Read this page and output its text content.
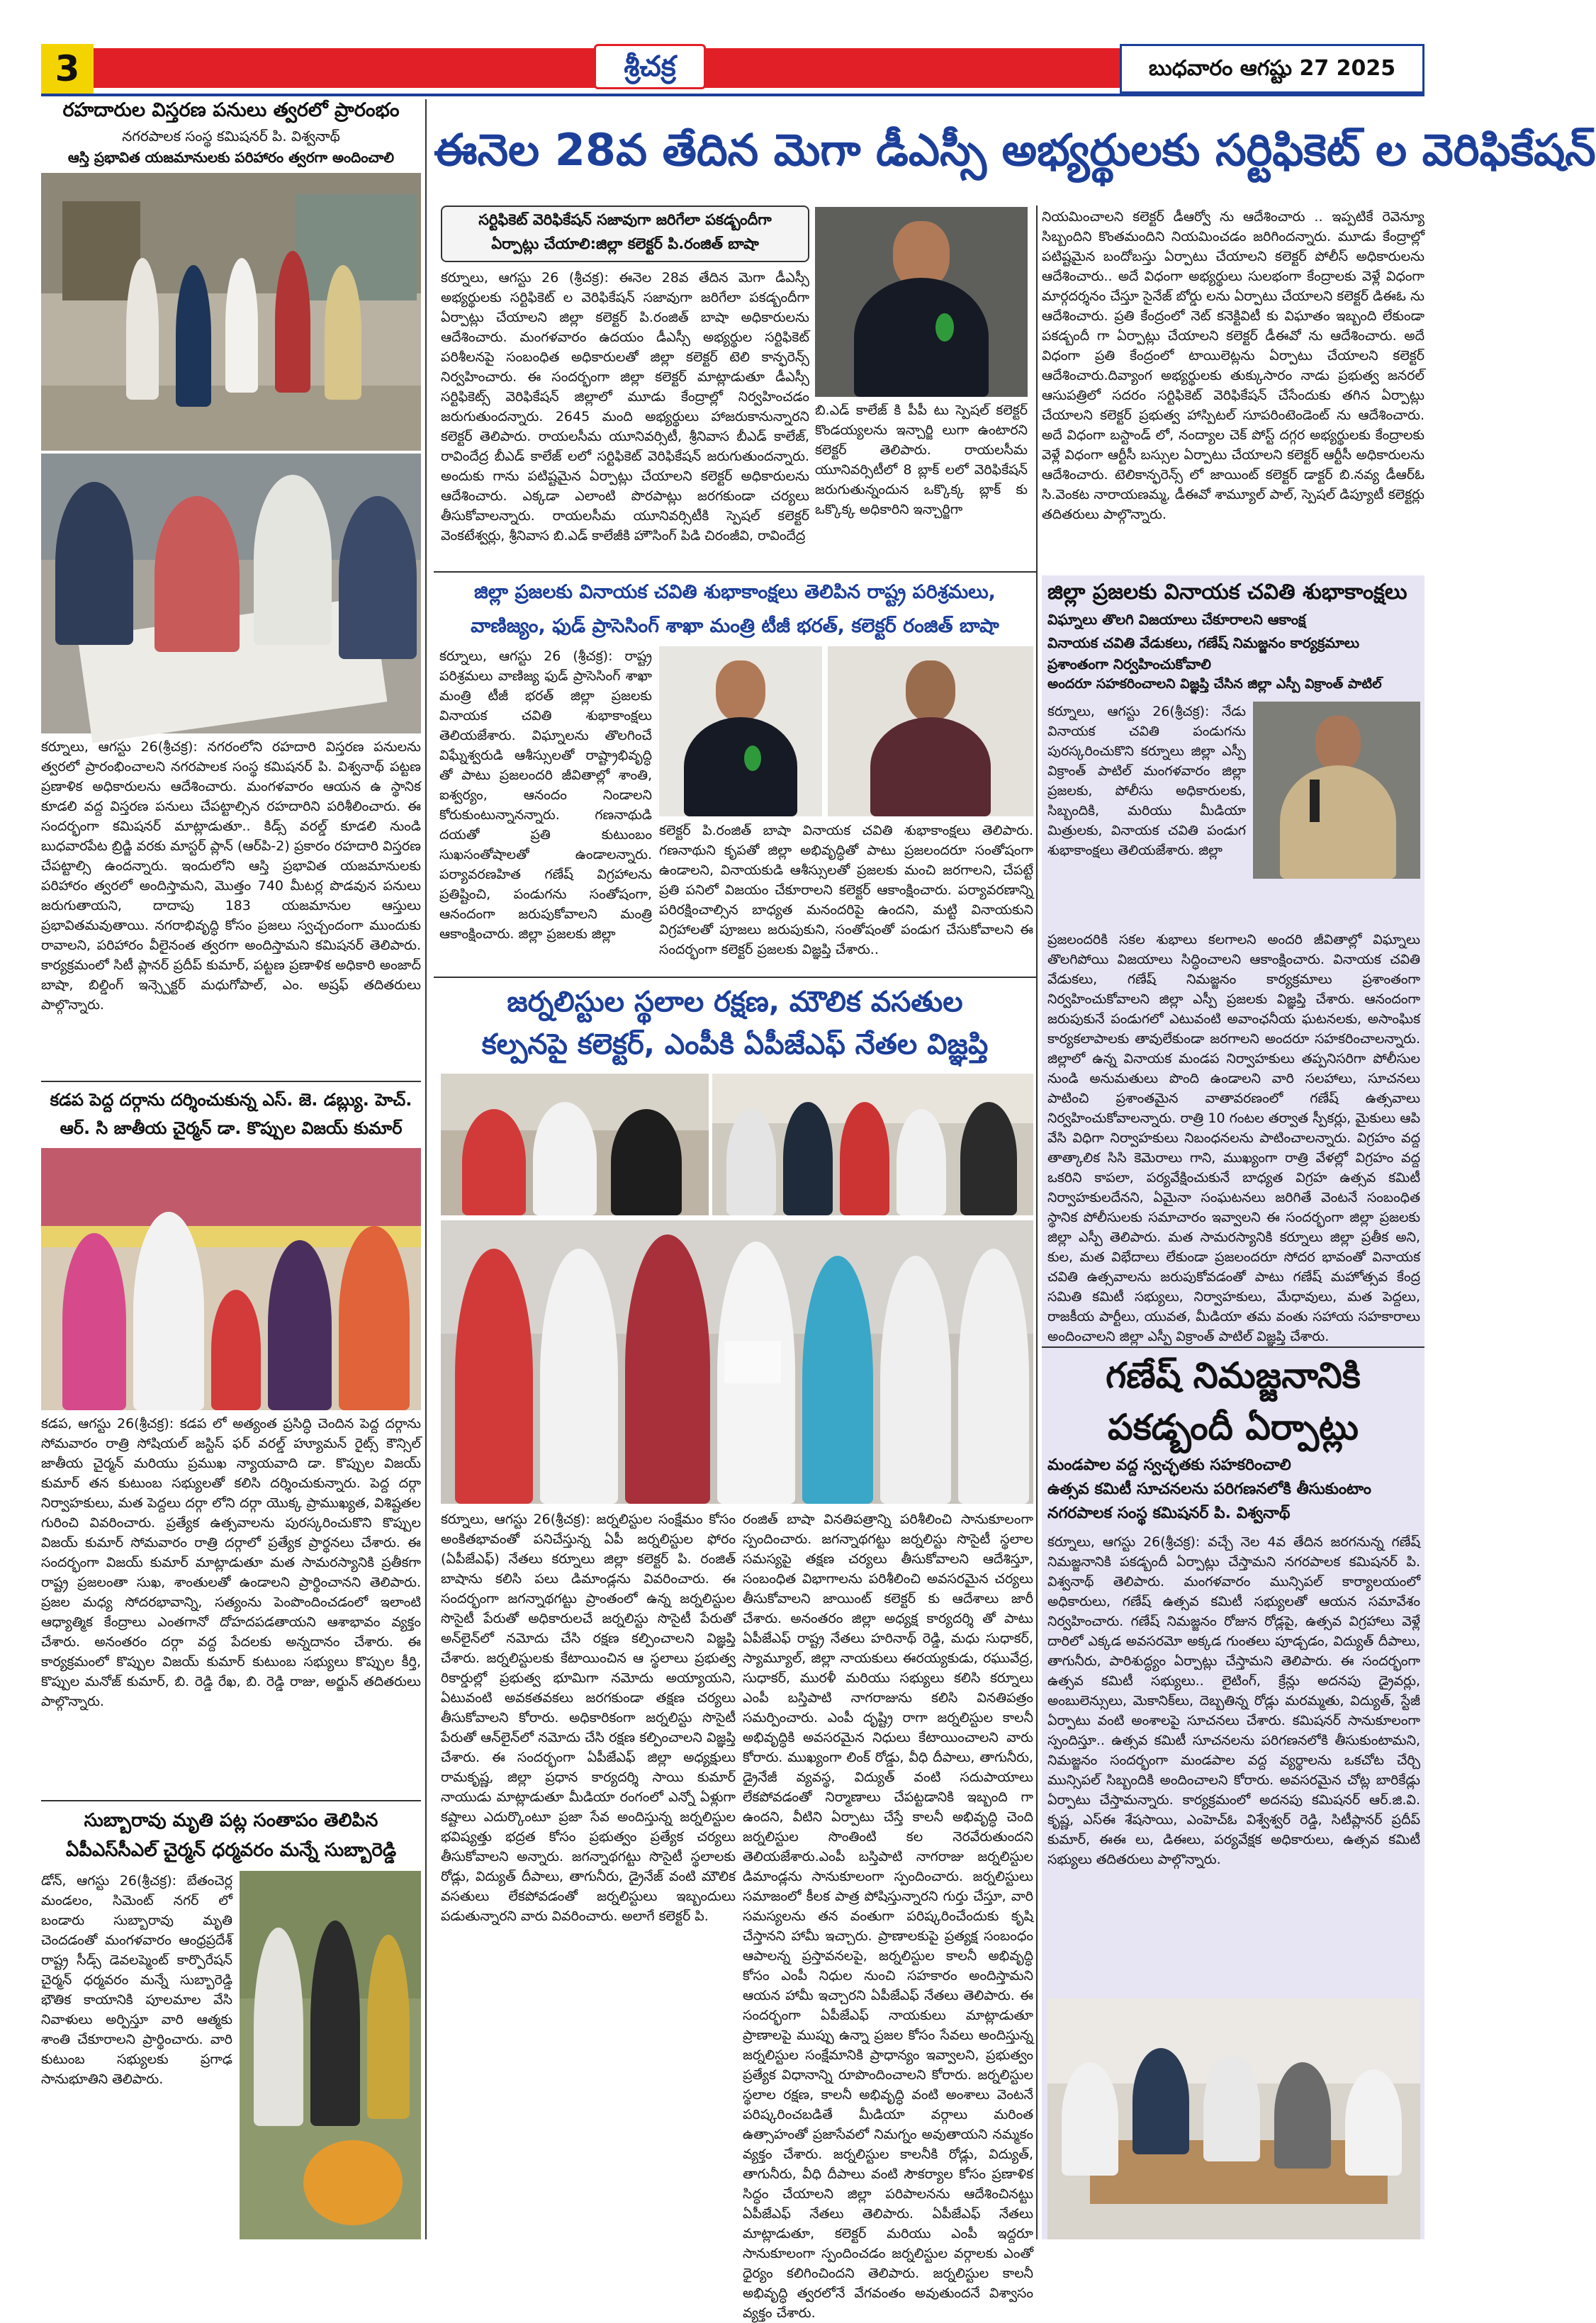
3	శ్రీచక్ర	బుధవారం ఆగష్టు 27 2025
రహదారుల విస్తరణ పనులు త్వరలో ప్రారంభం
నగరపాలక సంస్థ కమిషనర్ పి. విశ్వనాథ్
ఆస్తి ప్రభావిత యజమానులకు పరిహారం త్వరగా అందించాలి
కర్నూలు, ఆగస్టు 26(శ్రీచక్ర): నగరంలోని రహదారి విస్తరణ పనులను త్వరలో ప్రారంభించాలని నగరపాలక సంస్థ కమిషనర్ పి. విశ్వనాథ్ పట్టణ ప్రణాళిక అధికారులను ఆదేశించారు. మంగళవారం ఆయన ఉ స్థానిక కూడలి వద్ద విస్తరణ పనులు చేపట్టాల్సిన రహదారిని పరిశీలించారు. ఈ సందర్భంగా కమిషనర్ మాట్లాడుతూ.. కిడ్స్ వరల్డ్ కూడలి నుండి బుధవారపేట బ్రిడ్జి వరకు మాస్టర్ ప్లాన్ (ఆర్‌పి-2) ప్రకారం రహదారి విస్తరణ చేపట్టాల్సి ఉందన్నారు. ఇందులోని ఆస్తి ప్రభావిత యజమానులకు పరిహారం త్వరలో అందిస్తామని, మొత్తం 740 మీటర్ల పొడవున పనులు జరుగుతాయని, దాదాపు 183 యజమానుల ఆస్తులు ప్రభావితమవుతాయి. నగరాభివృద్ధి కోసం ప్రజలు స్వచ్చందంగా ముందుకు రావాలని, పరిహారం వీలైనంత త్వరగా అందిస్తామని కమిషనర్ తెలిపారు. కార్యక్రమంలో సిటీ ప్లానర్ ప్రదీప్ కుమార్, పట్టణ ప్రణాళిక అధికారి అంజాద్ బాషా, బిల్డింగ్ ఇన్స్పెక్టర్ మధుగోపాల్, ఎం. అష్రఫ్ తదితరులు పాల్గొన్నారు.
కడప పెద్ద దర్గాను దర్శించుకున్న ఎస్. జె. డబ్ల్యు. హెచ్. ఆర్. సి జాతీయ చైర్మన్ డా. కొప్పుల విజయ్ కుమార్
కడప, ఆగస్టు 26(శ్రీచక్ర): కడప లో అత్యంత ప్రసిద్ధి చెందిన పెద్ద దర్గాను సోమవారం రాత్రి సోషియల్ జస్టిస్ ఫర్ వరల్డ్ హ్యూమన్ రైట్స్ కౌన్సిల్ జాతీయ చైర్మన్ మరియు ప్రముఖ న్యాయవాది డా. కొప్పుల విజయ్ కుమార్ తన కుటుంబ సభ్యులతో కలిసి దర్శించుకున్నారు. పెద్ద దర్గా నిర్వాహకులు, మత పెద్దలు దర్గా లోని దర్గా యొక్క ప్రాముఖ్యత, విశిష్టతల గురించి వివరించారు. ప్రత్యేక ఉత్సవాలను పురస్కరించుకొని కొప్పుల విజయ్ కుమార్ సోమవారం రాత్రి దర్గాలో ప్రత్యేక ప్రార్థనలు చేశారు. ఈ సందర్భంగా విజయ్ కుమార్ మాట్లాడుతూ మత సామరస్యానికి ప్రతీకగా రాష్ట్ర ప్రజలంతా సుఖ, శాంతులతో ఉండాలని ప్రార్థించానని తెలిపారు. ప్రజల మధ్య సోదరభావాన్ని, సత్యంను పెంపొందించడంలో ఇలాంటి ఆధ్యాత్మిక కేంద్రాలు ఎంతగానో దోహదపడతాయని ఆశాభావం వ్యక్తం చేశారు. అనంతరం దర్గా వద్ద పేదలకు అన్నదానం చేశారు. ఈ కార్యక్రమంలో కొప్పుల విజయ్ కుమార్ కుటుంబ సభ్యులు కొప్పుల కీర్తి, కొప్పుల మనోజ్ కుమార్, బి. రెడ్డి రేఖ, బి. రెడ్డి రాజు, అర్జున్ తదితరులు పాల్గొన్నారు.
సుబ్బారావు మృతి పట్ల సంతాపం తెలిపిన ఏపీఎస్‌సీఎల్ చైర్మన్ ధర్మవరం మన్నే సుబ్బారెడ్డి
డోన్, ఆగస్టు 26(శ్రీచక్ర): బేతంచెర్ల మండలం, సిమెంట్ నగర్ లో బండారు సుబ్బారావు మృతి చెందడంతో మంగళవారం ఆంధ్రప్రదేశ్ రాష్ట్ర సీడ్స్ డెవలప్మెంట్ కార్పొరేషన్ చైర్మన్ ధర్మవరం మన్నే సుబ్బారెడ్డి భౌతిక కాయానికి పూలమాల వేసి నివాళులు అర్పిస్తూ వారి ఆత్మకు శాంతి చేకూరాలని ప్రార్థించారు. వారి కుటుంబ సభ్యులకు ప్రగాఢ సానుభూతిని తెలిపారు.
ఈనెల 28వ తేదిన మెగా డీఎస్సీ అభ్యర్థులకు సర్టిఫికెట్ ల వెరిఫికేషన్
సర్టిఫికెట్ వెరిఫికేషన్ సజావుగా జరిగేలా పకడ్బందీగా
ఏర్పాట్లు చేయాలి:జిల్లా కలెక్టర్ పి.రంజిత్ బాషా
కర్నూలు, ఆగస్టు 26 (శ్రీచక్ర): ఈనెల 28వ తేదిన మెగా డీఎస్సీ అభ్యర్థులకు సర్టిఫికెట్ ల వెరిఫికేషన్ సజావుగా జరిగేలా పకడ్బందీగా ఏర్పాట్లు చేయాలని జిల్లా కలెక్టర్ పి.రంజిత్ బాషా అధికారులను ఆదేశించారు. మంగళవారం ఉదయం డీఎస్సీ అభ్యర్థుల సర్టిఫికెట్ పరిశీలనపై సంబంధిత అధికారులతో జిల్లా కలెక్టర్ టెలి కాన్ఫరెన్స్ నిర్వహించారు. ఈ సందర్భంగా జిల్లా కలెక్టర్ మాట్లాడుతూ డీఎస్సీ సర్టిఫికెట్స్ వెరిఫికేషన్ జిల్లాలో మూడు కేంద్రాల్లో నిర్వహించడం జరుగుతుందన్నారు. 2645 మంది అభ్యర్థులు హాజరుకానున్నారని కలెక్టర్ తెలిపారు. రాయలసీమ యూనివర్సిటీ, శ్రీనివాస బీఎడ్ కాలేజ్, రావిందేద్ర బీఎడ్ కాలేజ్ లలో సర్టిఫికెట్ వెరిఫికేషన్ జరుగుతుందన్నారు. అందుకు గాను పటిష్టమైన ఏర్పాట్లు చేయాలని కలెక్టర్ అధికారులను ఆదేశించారు. ఎక్కడా ఎలాంటి పొరపాట్లు జరగకుండా చర్యలు తీసుకోవాలన్నారు. రాయలసీమ యూనివర్సిటీకి స్పెషల్ కలెక్టర్ వెంకటేశ్వర్లు, శ్రీనివాస బి.ఎడ్ కాలేజీకి హౌసింగ్ పిడి చిరంజీవి, రావిందేద్ర
బి.ఎడ్ కాలేజ్ కి పీపీ టు స్పెషల్ కలెక్టర్ కొండయ్యలను ఇన్చార్జి లుగా ఉంటారని కలెక్టర్ తెలిపారు. రాయలసీమ యూనివర్సిటీలో 8 బ్లాక్ లలో వెరిఫికేషన్ జరుగుతున్నందున ఒక్కొక్క బ్లాక్ కు ఒక్కొక్క అధికారిని ఇన్చార్జిగా
నియమించాలని కలెక్టర్ డీఆర్వో ను ఆదేశించారు .. ఇప్పటికే రెవెన్యూ సిబ్బందిని కొంతమందిని నియమించడం జరిగిందన్నారు. మూడు కేంద్రాల్లో పటిష్టమైన బందోబస్తు ఏర్పాటు చేయాలని కలెక్టర్ పోలీస్ అధికారులను ఆదేశించారు.. అదే విధంగా అభ్యర్థులు సులభంగా కేంద్రాలకు వెళ్లే విధంగా మార్గదర్శనం చేస్తూ సైనేజ్ బోర్డు లను ఏర్పాటు చేయాలని కలెక్టర్ డిఈఓ ను ఆదేశించారు. ప్రతి కేంద్రంలో నెట్ కనెక్టివిటీ కు విఘాతం ఇబ్బంది లేకుండా పకడ్బందీ గా ఏర్పాట్లు చేయాలని కలెక్టర్ డీఈవో ను ఆదేశించారు. అదే విధంగా ప్రతి కేంద్రంలో టాయిలెట్లను ఏర్పాటు చేయాలని కలెక్టర్ ఆదేశించారు.దివ్యాంగ అభ్యర్థులకు తుక్కుసారం నాడు ప్రభుత్వ జనరల్ ఆసుపత్రిలో సదరం సర్టిఫికెట్ వెరిఫికేషన్ చేసేందుకు తగిన ఏర్పాట్లు చేయాలని కలెక్టర్ ప్రభుత్వ హాస్పిటల్ సూపరింటెండెంట్ ను ఆదేశించారు. అదే విధంగా బస్టాండ్ లో, నంద్యాల చెక్ పోస్ట్ దగ్గర అభ్యర్థులకు కేంద్రాలకు వెళ్లే విధంగా ఆర్టీసీ బస్సుల ఏర్పాటు చేయాలని కలెక్టర్ ఆర్టీసీ అధికారులను ఆదేశించారు. టెలికాన్ఫరెన్స్ లో జాయింట్ కలెక్టర్ డాక్టర్ బి.నవ్య డీఆర్‌ఓ సి.వెంకట నారాయణమ్మ, డీఈవో శామ్యూల్ పాల్, స్పెషల్ డిప్యూటీ కలెక్టర్లు తదితరులు పాల్గొన్నారు.
జిల్లా ప్రజలకు వినాయక చవితి శుభాకాంక్షలు తెలిపిన రాష్ట్ర పరిశ్రమలు, వాణిజ్యం, ఫుడ్ ప్రాసెసింగ్ శాఖా మంత్రి టీజీ భరత్, కలెక్టర్ రంజిత్ బాషా
కర్నూలు, ఆగస్టు 26 (శ్రీచక్ర): రాష్ట్ర పరిశ్రమలు వాణిజ్య ఫుడ్ ప్రాసెసింగ్ శాఖా మంత్రి టీజీ భరత్ జిల్లా ప్రజలకు వినాయక చవితి శుభాకాంక్షలు తెలియజేశారు. విఘ్నాలను తొలగించే విఘ్నేశ్వరుడి ఆశీస్సులతో రాష్ట్రాభివృద్ధి తో పాటు ప్రజలందరి జీవితాల్లో శాంతి, ఐశ్వర్యం, ఆనందం నిండాలని కోరుకుంటున్నానన్నారు. గణనాథుడి దయతో ప్రతి కుటుంబం సుఖసంతోషాలతో ఉండాలన్నారు. పర్యావరణహిత గణేష్ విగ్రహాలను ప్రతిష్టించి, పండుగను సంతోషంగా, ఆనందంగా జరుపుకోవాలని మంత్రి ఆకాంక్షించారు. జిల్లా ప్రజలకు జిల్లా
కలెక్టర్ పి.రంజిత్ బాషా వినాయక చవితి శుభాకాంక్షలు తెలిపారు. గణనాథుని కృపతో జిల్లా అభివృద్ధితో పాటు ప్రజలందరూ సంతోషంగా ఉండాలని, వినాయకుడి ఆశీస్సులతో ప్రజలకు మంచి జరగాలని, చేపట్టే ప్రతి పనిలో విజయం చేకూరాలని కలెక్టర్ ఆకాంక్షించారు. పర్యావరణాన్ని పరిరక్షించాల్సిన బాధ్యత మనందరిపై ఉందని, మట్టి వినాయకుని విగ్రహాలతో పూజలు జరుపుకుని, సంతోషంతో పండుగ చేసుకోవాలని ఈ సందర్భంగా కలెక్టర్ ప్రజలకు విజ్ఞప్తి చేశారు..
జర్నలిస్టుల స్థలాల రక్షణ, మౌలిక వసతుల
కల్పనపై కలెక్టర్, ఎంపీకి ఏపీజేఎఫ్ నేతల విజ్ఞప్తి
కర్నూలు, ఆగస్టు 26(శ్రీచక్ర): జర్నలిస్టుల సంక్షేమం కోసం అంకితభావంతో పనిచేస్తున్న ఏపీ జర్నలిస్టుల ఫోరం (ఏపీజేఎఫ్) నేతలు కర్నూలు జిల్లా కలెక్టర్ పి. రంజిత్ బాషాను కలిసి పలు డిమాండ్లను వివరించారు. ఈ సందర్భంగా జగన్నాథగట్టు ప్రాంతంలో ఉన్న జర్నలిస్టుల సొసైటీ పేరుతో అధికారులచే జర్నలిస్టు సొసైటీ పేరుతో అన్‌లైన్‌లో నమోదు చేసి రక్షణ కల్పించాలని విజ్ఞప్తి చేశారు. జర్నలిస్టులకు కేటాయించిన ఆ స్థలాలు ప్రభుత్వ రికార్డుల్లో ప్రభుత్వ భూమిగా నమోదు అయ్యాయని, ఏటువంటి అవకతవకలు జరగకుండా తక్షణ చర్యలు తీసుకోవాలని కోరారు. అధికారికంగా జర్నలిస్టు సొసైటీ పేరుతో ఆన్‌లైన్‌లో నమోదు చేసి రక్షణ కల్పించాలని విజ్ఞప్తి చేశారు. ఈ సందర్భంగా ఏపీజేఎఫ్ జిల్లా అధ్యక్షులు రామకృష్ణ, జిల్లా ప్రధాన కార్యదర్శి సాయి కుమార్ నాయుడు మాట్లాడుతూ మీడియా రంగంలో ఎన్నో ఏళ్లుగా కష్టాలు ఎదుర్కొంటూ ప్రజా సేవ అందిస్తున్న జర్నలిస్టుల భవిష్యత్తు భద్రత కోసం ప్రభుత్వం ప్రత్యేక చర్యలు తీసుకోవాలని అన్నారు. జగన్నాథగట్టు సొసైటీ స్థలాలకు రోడ్లు, విద్యుత్ దీపాలు, తాగునీరు, డ్రైనేజ్ వంటి మౌలిక వసతులు లేకపోవడంతో జర్నలిస్టులు ఇబ్బందులు పడుతున్నారని వారు వివరించారు. అలాగే కలెక్టర్ పి.
రంజిత్ బాషా వినతిపత్రాన్ని పరిశీలించి సానుకూలంగా స్పందించారు. జగన్నాథగట్టు జర్నలిస్టు సొసైటీ స్థలాల సమస్యపై తక్షణ చర్యలు తీసుకోవాలని ఆదేశిస్తూ, సంబంధిత విభాగాలను పరిశీలించి అవసరమైన చర్యలు తీసుకోవాలని జాయింట్ కలెక్టర్ కు ఆదేశాలు జారీ చేశారు. అనంతరం జిల్లా అధ్యక్ష కార్యదర్శి తో పాటు ఏపీజేఎఫ్ రాష్ట్ర నేతలు హరినాథ్ రెడ్డి, మధు సుధాకర్, స్యామ్యూల్, జిల్లా నాయకులు ఈరయ్యకుడు, రఘువేద్ర, సుధాకర్, మురళీ మరియు సభ్యులు కలిసి కర్నూలు ఎంపీ బస్తిపాటి నాగరాజును కలిసి వినతిపత్రం సమర్పించారు. ఎంపీ దృష్ట్రి రాగా జర్నలిస్టుల కాలనీ అభివృద్ధికి అవసరమైన నిధులు కేటాయించాలని వారు కోరారు. ముఖ్యంగా లింక్ రోడ్డు, వీధి దీపాలు, తాగునీరు, డ్రైనేజీ వ్యవస్థ, విద్యుత్ వంటి సదుపాయాలు లేకపోవడంతో నిర్మాణాలు చేపట్టడానికి ఇబ్బంది గా ఉందని, వీటిని ఏర్పాటు చేస్తే కాలనీ అభివృద్ధి చెంది జర్నలిస్టుల సొంతింటి కల నెరవేరుతుందని తెలియజేశారు.ఎంపీ బస్తిపాటి నాగరాజు జర్నలిస్టుల డిమాండ్లను సానుకూలంగా స్పందించారు. జర్నలిస్టులు సమాజంలో కీలక పాత్ర పోషిస్తున్నారని గుర్తు చేస్తూ, వారి సమస్యలను తన వంతుగా పరిష్కరించేందుకు కృషి చేస్తానని హామీ ఇచ్చారు. ప్రాణాలకుపై ప్రత్యక్ష సంబంధం ఆపాలన్న ప్రస్తావనలపై, జర్నలిస్టుల కాలనీ అభివృద్ధి కోసం ఎంపీ నిధుల నుంచి సహకారం అందిస్తామని ఆయన హామీ ఇచ్చారని ఏపీజేఎఫ్ నేతలు తెలిపారు. ఈ సందర్భంగా ఏపీజేఎఫ్ నాయకులు మాట్లాడుతూ ప్రాణాలపై ముప్పు ఉన్నా ప్రజల కోసం సేవలు అందిస్తున్న జర్నలిస్టుల సంక్షేమానికి ప్రాధాన్యం ఇవ్వాలని, ప్రభుత్వం ప్రత్యేక విధానాన్ని రూపొందించాలని కోరారు. జర్నలిస్టుల స్థలాల రక్షణ, కాలనీ అభివృద్ధి వంటి అంశాలు వెంటనే పరిష్కరించబడితే మీడియా వర్గాలు మరింత ఉత్సాహంతో ప్రజాసేవలో నిమగ్నం అవుతాయని నమ్మకం వ్యక్తం చేశారు. జర్నలిస్టుల కాలనీకి రోడ్లు, విద్యుత్, తాగునీరు, వీధి దీపాలు వంటి సౌకర్యాల కోసం ప్రణాళిక సిద్ధం చేయాలని జిల్లా పరిపాలనను ఆదేశించినట్టు ఏపీజేఎఫ్ నేతలు తెలిపారు. ఏపీజేఎఫ్ నేతలు మాట్లాడుతూ, కలెక్టర్ మరియు ఎంపీ ఇద్దరూ సానుకూలంగా స్పందించడం జర్నలిస్టుల వర్గాలకు ఎంతో ధైర్యం కలిగించిందని తెలిపారు. జర్నలిస్టుల కాలనీ అభివృద్ధి త్వరలోనే వేగవంతం అవుతుందనే విశ్వాసం వ్యక్తం చేశారు.
జిల్లా ప్రజలకు వినాయక చవితి శుభాకాంక్షలు
విఘ్నాలు తొలగి విజయాలు చేకూరాలని ఆకాంక్ష
వినాయక చవితి వేడుకలు, గణేష్ నిమజ్జనం కార్యక్రమాలు ప్రశాంతంగా నిర్వహించుకోవాలి
అందరూ సహకరించాలని విజ్ఞప్తి చేసిన జిల్లా ఎస్పీ విక్రాంత్ పాటిల్
కర్నూలు, ఆగస్టు 26(శ్రీచక్ర): నేడు వినాయక చవితి పండుగను పురస్కరించుకొని కర్నూలు జిల్లా ఎస్పీ విక్రాంత్ పాటిల్ మంగళవారం జిల్లా ప్రజలకు, పోలీసు అధికారులకు, సిబ్బందికి, మరియు మీడియా మిత్రులకు, వినాయక చవితి పండుగ శుభాకాంక్షలు తెలియజేశారు. జిల్లా
ప్రజలందరికి సకల శుభాలు కలగాలని అందరి జీవితాల్లో విఘ్నాలు తొలగిపోయి విజయాలు సిద్ధించాలని ఆకాంక్షించారు. వినాయక చవితి వేడుకలు, గణేష్ నిమజ్జనం కార్యక్రమాలు ప్రశాంతంగా నిర్వహించుకోవాలని జిల్లా ఎస్పీ ప్రజలకు విజ్ఞప్తి చేశారు. ఆనందంగా జరుపుకునే పండుగలో ఎటువంటి అవాంఛనీయ ఘటనలకు, అసాంఘిక కార్యకలాపాలకు తావులేకుండా జరగాలని అందరూ సహకరించాలన్నారు. జిల్లాలో ఉన్న వినాయక మండప నిర్వాహకులు తప్పనిసరిగా పోలీసుల నుండి అనుమతులు పొంది ఉండాలని వారి సలహాలు, సూచనలు పాటించి ప్రశాంతమైన వాతావరణంలో గణేష్ ఉత్సవాలు నిర్వహించుకోవాలన్నారు. రాత్రి 10 గంటల తర్వాత స్పీకర్లు, మైకులు ఆపి వేసి విధిగా నిర్వాహకులు నిబంధనలను పాటించాలన్నారు. విగ్రహం వద్ద తాత్కాలిక సిసి కెమెరాలు గాని, ముఖ్యంగా రాత్రి వేళల్లో విగ్రహం వద్ద ఒకరిని కాపలా, పర్యవేక్షించుకునే బాధ్యత విగ్రహ ఉత్సవ కమిటీ నిర్వాహకులదేనని, ఏమైనా సంఘటనలు జరిగితే వెంటనే సంబంధిత స్థానిక పోలీసులకు సమాచారం ఇవ్వాలని ఈ సందర్భంగా జిల్లా ప్రజలకు జిల్లా ఎస్పీ తెలిపారు. మత సామరస్యానికి కర్నూలు జిల్లా ప్రతీక అని, కుల, మత విభేదాలు లేకుండా ప్రజలందరూ సోదర భావంతో వినాయక చవితి ఉత్సవాలను జరుపుకోవడంతో పాటు గణేష్ మహోత్సవ కేంద్ర సమితి కమిటీ సభ్యులు, నిర్వాహకులు, మేధావులు, మత పెద్దలు, రాజకీయ పార్టీలు, యువత, మీడియా తమ వంతు సహాయ సహకారాలు అందించాలని జిల్లా ఎస్పీ విక్రాంత్ పాటిల్ విజ్ఞప్తి చేశారు.
గణేష్ నిమజ్జనానికి
పకడ్బందీ ఏర్పాట్లు
మండపాల వద్ద స్వచ్ఛతకు సహకరించాలి
ఉత్సవ కమిటీ సూచనలను పరిగణనలోకి తీసుకుంటాం
నగరపాలక సంస్థ కమిషనర్ పి. విశ్వనాథ్
కర్నూలు, ఆగస్టు 26(శ్రీచక్ర): వచ్చే నెల 4వ తేదిన జరగనున్న గణేష్ నిమజ్జనానికి పకడ్బందీ ఏర్పాట్లు చేస్తామని నగరపాలక కమిషనర్ పి. విశ్వనాథ్ తెలిపారు. మంగళవారం మున్సిపల్ కార్యాలయంలో అధికారులు, గణేష్ ఉత్సవ కమిటీ సభ్యులతో ఆయన సమావేశం నిర్వహించారు. గణేష్ నిమజ్జనం రోజున రోడ్లపై, ఉత్సవ విగ్రహాలు వెళ్లే దారిలో ఎక్కడ అవసరమో అక్కడ గుంతలు పూడ్చడం, విద్యుత్ దీపాలు, తాగునీరు, పారిశుద్ధ్యం ఏర్పాట్లు చేస్తామని తెలిపారు. ఈ సందర్భంగా ఉత్సవ కమిటీ సభ్యులు.. లైటింగ్, క్రేన్లు అదనపు డ్రైవర్లు, అంబులెన్సులు, మెకానిక్‌లు, దెబ్బతిన్న రోడ్లు మరమ్మతు, విద్యుత్, స్టేజీ ఏర్పాటు వంటి అంశాలపై సూచనలు చేశారు. కమిషనర్ సానుకూలంగా స్పందిస్తూ.. ఉత్సవ కమిటీ సూచనలను పరిగణనలోకి తీసుకుంటామని, నిమజ్జనం సందర్భంగా మండపాల వద్ద వ్యర్థాలను ఒకచోట చేర్చి మున్సిపల్ సిబ్బందికి అందించాలని కోరారు. అవసరమైన చోట్ల బారికేడ్లు ఏర్పాటు చేస్తామన్నారు. కార్యక్రమంలో అదనపు కమిషనర్ ఆర్.జి.వి. కృష్ణ, ఎస్ఈ శేషసాయి, ఎంహెచ్ఓ విశ్వేశ్వర్ రెడ్డి, సిటీప్లానర్ ప్రదీప్ కుమార్, ఈఈ లు, డిఈలు, పర్యవేక్షక అధికారులు, ఉత్సవ కమిటీ సభ్యులు తదితరులు పాల్గొన్నారు.
